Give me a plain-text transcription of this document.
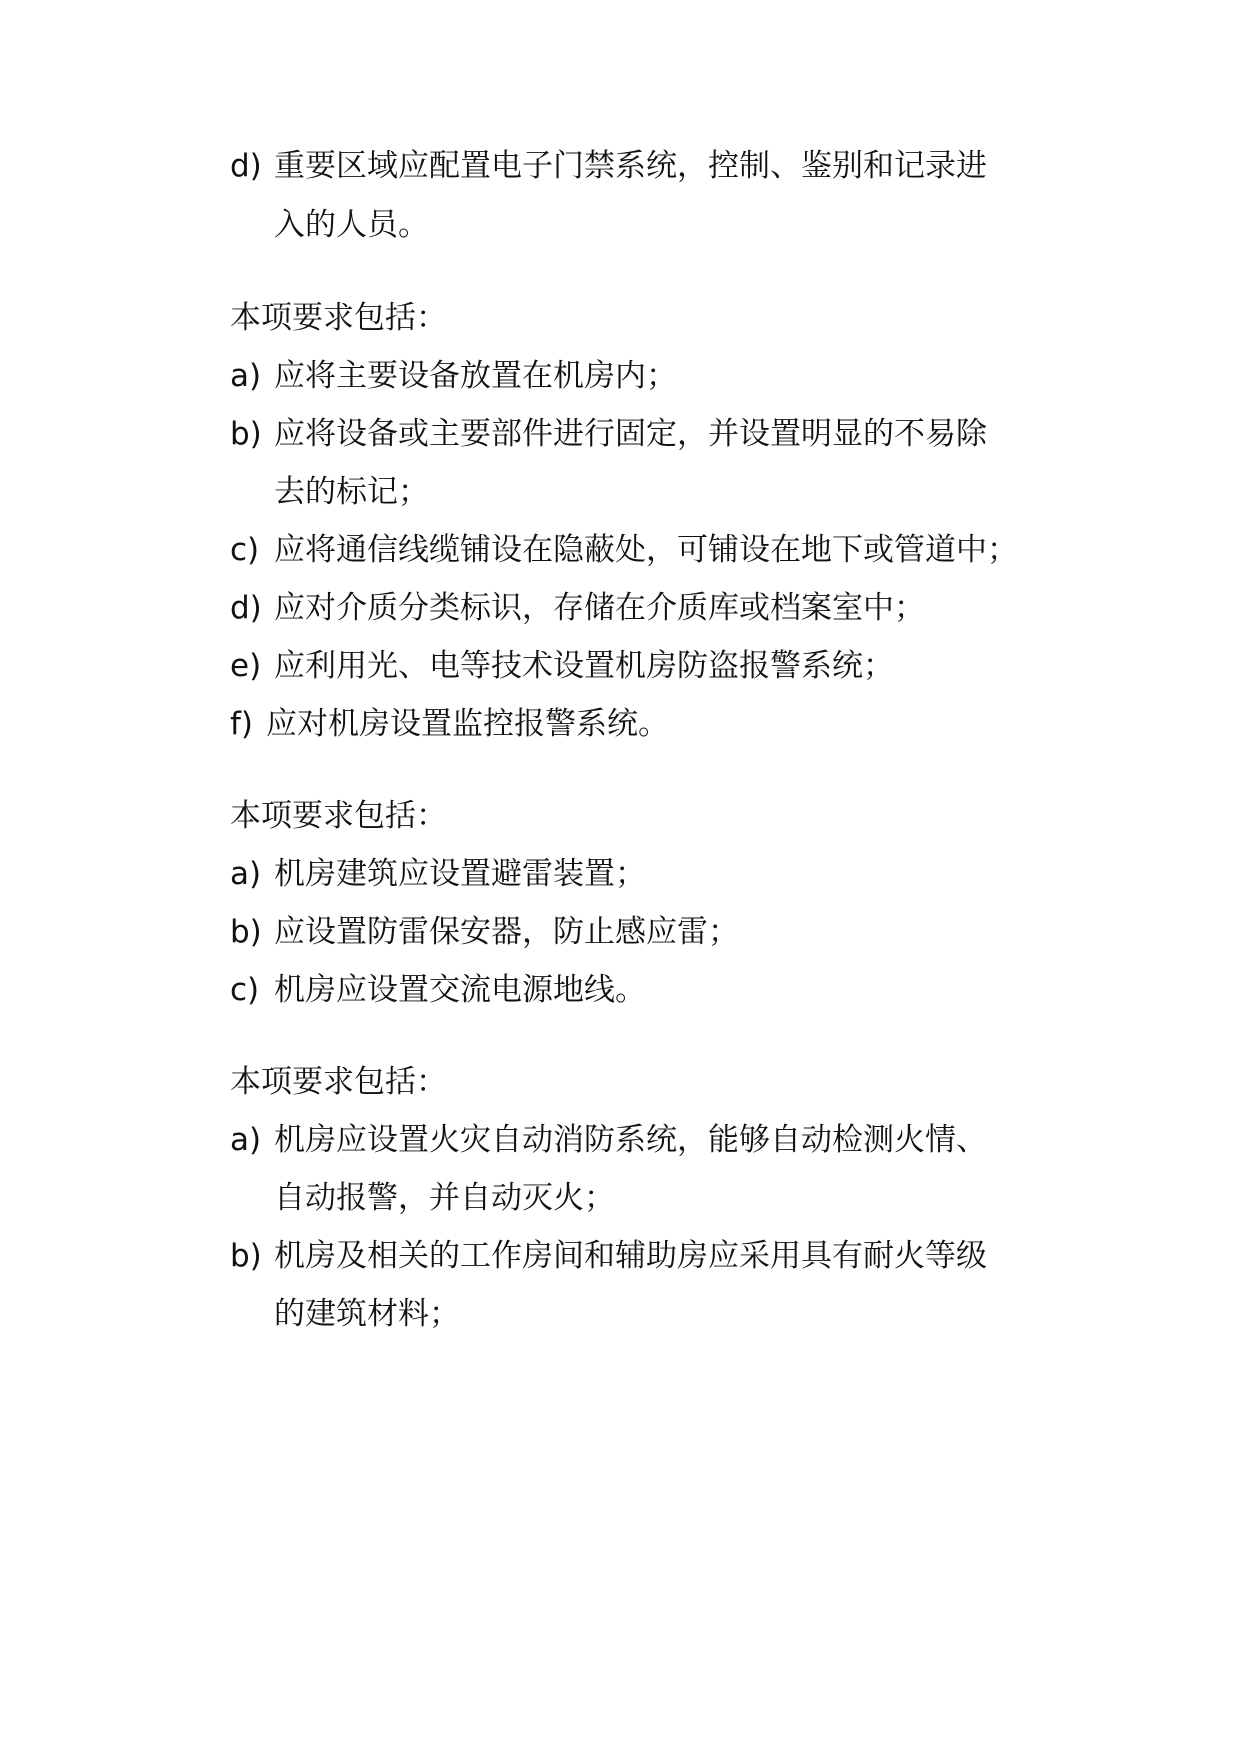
d) 重要区域应配置电子门禁系统，控制、鉴别和记录进
入的人员。
本项要求包括：
a) 应将主要设备放置在机房内；
b) 应将设备或主要部件进行固定，并设置明显的不易除
去的标记；
c) 应将通信线缆铺设在隐蔽处，可铺设在地下或管道中；
d) 应对介质分类标识，存储在介质库或档案室中；
e) 应利用光、电等技术设置机房防盗报警系统；
f) 应对机房设置监控报警系统。
本项要求包括：
a) 机房建筑应设置避雷装置；
b) 应设置防雷保安器，防止感应雷；
c) 机房应设置交流电源地线。
本项要求包括：
a) 机房应设置火灾自动消防系统，能够自动检测火情、
自动报警，并自动灭火；
b) 机房及相关的工作房间和辅助房应采用具有耐火等级
的建筑材料；
